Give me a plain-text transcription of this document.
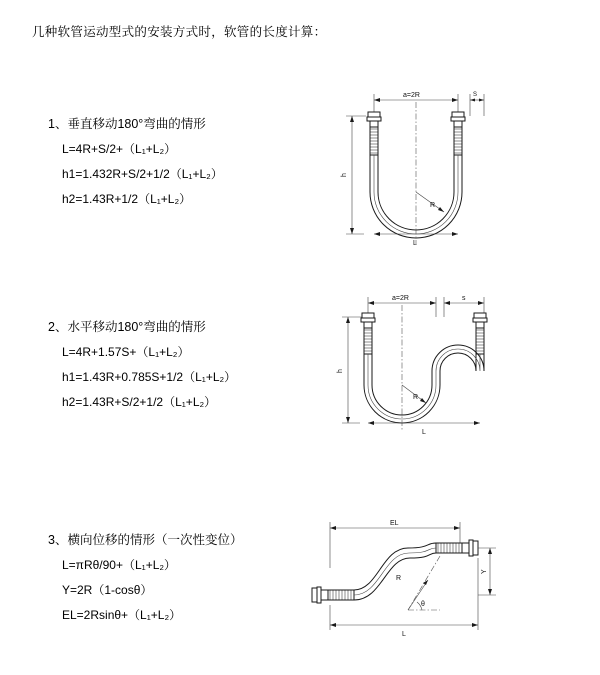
几种软管运动型式的安装方式时，软管的长度计算：
1、垂直移动180°弯曲的情形
L=4R+S/2+（L₁+L₂）
h1=1.432R+S/2+1/2（L₁+L₂）
h2=1.43R+1/2（L₁+L₂）
a=2R	S
R
h
L
2、水平移动180°弯曲的情形
L=4R+1.57S+（L₁+L₂）
h1=1.43R+0.785S+1/2（L₁+L₂）
h2=1.43R+S/2+1/2（L₁+L₂）
a=2R	s
R
h
L
3、横向位移的情形（一次性变位）
L=πRθ/90+（L₁+L₂）
Y=2R（1-cosθ）
EL=2Rsinθ+（L₁+L₂）
EL
Y
θ
R
L
